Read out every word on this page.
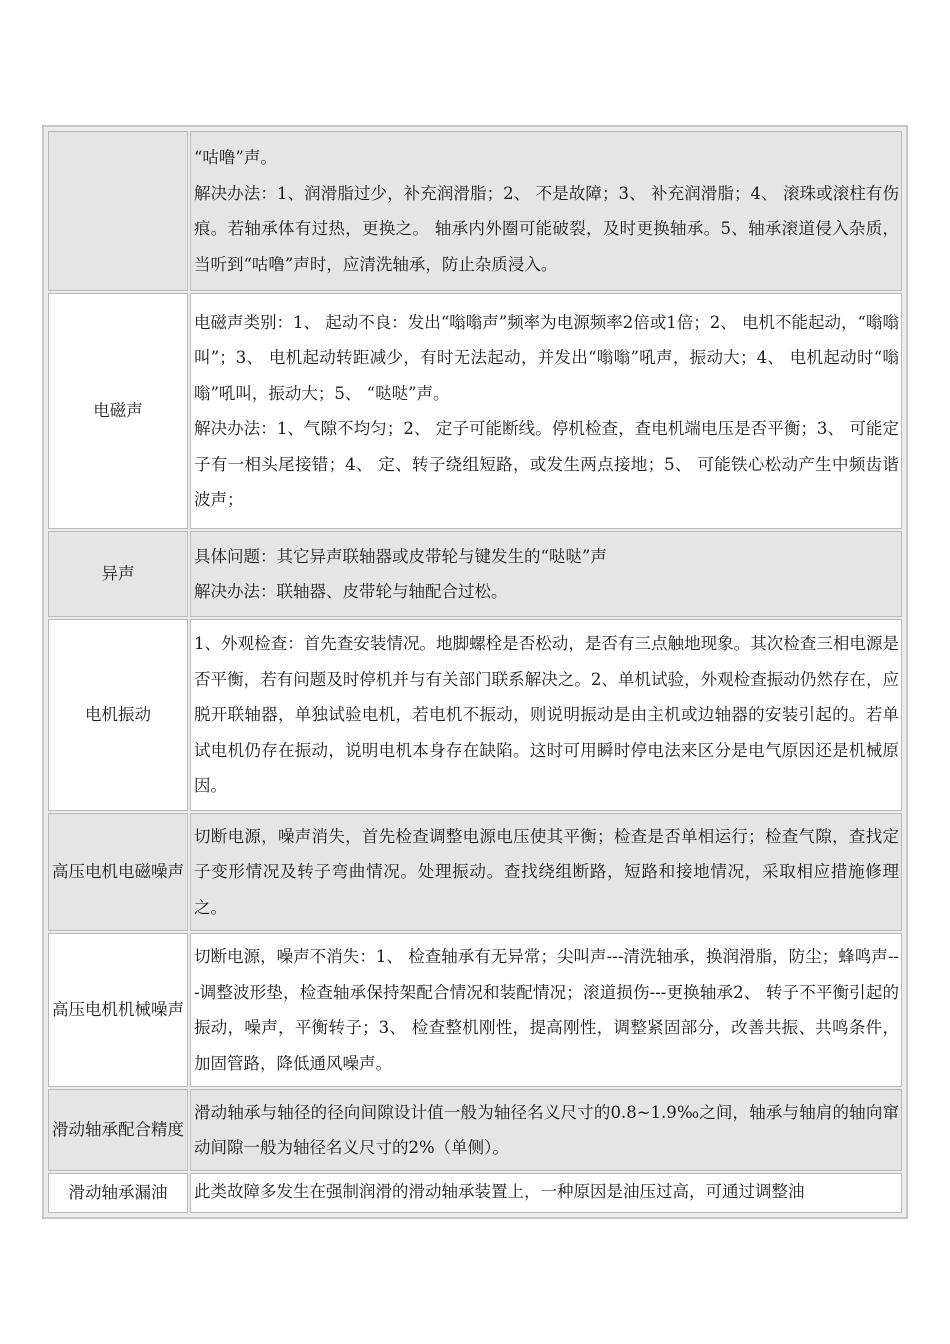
	“咕噜”声。
解决办法：1、润滑脂过少，补充润滑脂；2、 不是故障；3、 补充润滑脂；4、 滚珠或滚柱有伤痕。若轴承体有过热，更换之。 轴承内外圈可能破裂，及时更换轴承。5、轴承滚道侵入杂质，当听到“咕噜”声时，应清洗轴承，防止杂质浸入。

电磁声	电磁声类别：1、 起动不良：发出“嗡嗡声”频率为电源频率2倍或1倍；2、 电机不能起动，“嗡嗡叫”；3、 电机起动转距减少，有时无法起动，并发出“嗡嗡”吼声，振动大；4、 电机起动时“嗡嗡”吼叫，振动大；5、 “哒哒”声。
解决办法：1、气隙不均匀；2、 定子可能断线。停机检查，查电机端电压是否平衡；3、 可能定子有一相头尾接错；4、 定、转子绕组短路，或发生两点接地；5、 可能铁心松动产生中频齿谐波声；

异声	具体问题：其它异声联轴器或皮带轮与键发生的“哒哒”声
解决办法：联轴器、皮带轮与轴配合过松。

电机振动	1、外观检查：首先查安装情况。地脚螺栓是否松动，是否有三点触地现象。其次检查三相电源是否平衡，若有问题及时停机并与有关部门联系解决之。2、单机试验，外观检查振动仍然存在，应脱开联轴器，单独试验电机，若电机不振动，则说明振动是由主机或边轴器的安装引起的。若单试电机仍存在振动，说明电机本身存在缺陷。这时可用瞬时停电法来区分是电气原因还是机械原因。

高压电机电磁噪声	切断电源，噪声消失，首先检查调整电源电压使其平衡；检查是否单相运行；检查气隙，查找定子变形情况及转子弯曲情况。处理振动。查找绕组断路，短路和接地情况，采取相应措施修理之。

高压电机机械噪声	切断电源，噪声不消失：1、 检查轴承有无异常；尖叫声---清洗轴承，换润滑脂，防尘；蜂鸣声---调整波形垫，检查轴承保持架配合情况和装配情况；滚道损伤---更换轴承2、 转子不平衡引起的振动，噪声，平衡转子；3、 检查整机刚性，提高刚性，调整紧固部分，改善共振、共鸣条件，加固管路，降低通风噪声。

滑动轴承配合精度	滑动轴承与轴径的径向间隙设计值一般为轴径名义尺寸的0.8~1.9‰之间，轴承与轴肩的轴向窜动间隙一般为轴径名义尺寸的2%（单侧）。

滑动轴承漏油	此类故障多发生在强制润滑的滑动轴承装置上，一种原因是油压过高，可通过调整油
